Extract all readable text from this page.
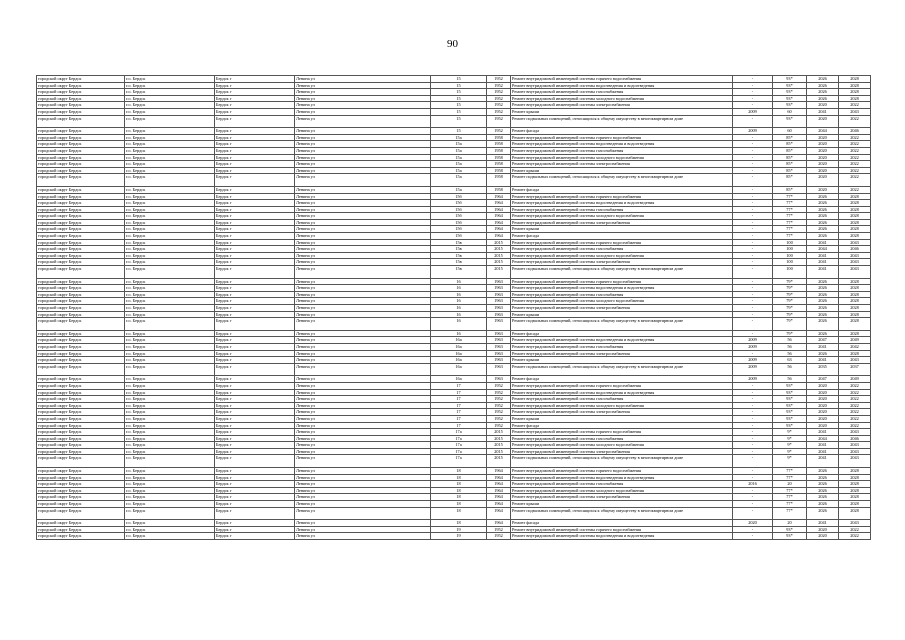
90
городской округ Бердск	г.о. Бердск	Бердск г	Ленина ул	15	1952	Ремонт внутридомовой инженерной системы горячего водоснабжения	-	93*	2026	2028
городской округ Бердск	г.о. Бердск	Бердск г	Ленина ул	15	1952	Ремонт внутридомовой инженерной системы водоотведения и водоотведения	-	93*	2026	2028
городской округ Бердск	г.о. Бердск	Бердск г	Ленина ул	15	1952	Ремонт внутридомовой инженерной системы газоснабжения	-	93*	2026	2028
городской округ Бердск	г.о. Бердск	Бердск г	Ленина ул	15	1952	Ремонт внутридомовой инженерной системы холодного водоснабжения	-	93*	2026	2028
городской округ Бердск	г.о. Бердск	Бердск г	Ленина ул	15	1952	Ремонт внутридомовой инженерной системы электроснабжения	-	93*	2020	2022
городской округ Бердск	г.о. Бердск	Бердск г	Ленина ул	15	1952	Ремонт крыши	2009	60	2041	2043
городской округ Бердск	г.о. Бердск	Бердск г	Ленина ул	15	1952	Ремонт подвальных помещений, относящихся к общему имуществу в многоквартирном доме	-	93*	2020	2022
городской округ Бердск	г.о. Бердск	Бердск г	Ленина ул	15	1952	Ремонт фасада	2009	60	2044	2046
городской округ Бердск	г.о. Бердск	Бердск г	Ленина ул	15а	1958	Ремонт внутридомовой инженерной системы горячего водоснабжения	-	85*	2020	2022
городской округ Бердск	г.о. Бердск	Бердск г	Ленина ул	15а	1958	Ремонт внутридомовой инженерной системы водоотведения и водоотведения	-	85*	2020	2022
городской округ Бердск	г.о. Бердск	Бердск г	Ленина ул	15а	1958	Ремонт внутридомовой инженерной системы газоснабжения	-	85*	2020	2022
городской округ Бердск	г.о. Бердск	Бердск г	Ленина ул	15а	1958	Ремонт внутридомовой инженерной системы холодного водоснабжения	-	85*	2020	2022
городской округ Бердск	г.о. Бердск	Бердск г	Ленина ул	15а	1958	Ремонт внутридомовой инженерной системы электроснабжения	-	85*	2020	2022
городской округ Бердск	г.о. Бердск	Бердск г	Ленина ул	15а	1958	Ремонт крыши	-	85*	2020	2022
городской округ Бердск	г.о. Бердск	Бердск г	Ленина ул	15а	1958	Ремонт подвальных помещений, относящихся к общему имуществу в многоквартирном доме	-	85*	2020	2022
городской округ Бердск	г.о. Бердск	Бердск г	Ленина ул	15а	1958	Ремонт фасада	-	85*	2020	2022
городской округ Бердск	г.о. Бердск	Бердск г	Ленина ул	15б	1964	Ремонт внутридомовой инженерной системы горячего водоснабжения	-	77*	2026	2028
городской округ Бердск	г.о. Бердск	Бердск г	Ленина ул	15б	1964	Ремонт внутридомовой инженерной системы водоотведения и водоотведения	-	77*	2026	2028
городской округ Бердск	г.о. Бердск	Бердск г	Ленина ул	15б	1964	Ремонт внутридомовой инженерной системы газоснабжения	-	77*	2026	2028
городской округ Бердск	г.о. Бердск	Бердск г	Ленина ул	15б	1964	Ремонт внутридомовой инженерной системы холодного водоснабжения	-	77*	2026	2028
городской округ Бердск	г.о. Бердск	Бердск г	Ленина ул	15б	1964	Ремонт внутридомовой инженерной системы электроснабжения	-	77*	2026	2028
городской округ Бердск	г.о. Бердск	Бердск г	Ленина ул	15б	1964	Ремонт крыши	-	77*	2026	2028
городской округ Бердск	г.о. Бердск	Бердск г	Ленина ул	15б	1964	Ремонт фасада	-	77*	2026	2028
городской округ Бердск	г.о. Бердск	Бердск г	Ленина ул	15в	2015	Ремонт внутридомовой инженерной системы горячего водоснабжения	-	100	2041	2043
городской округ Бердск	г.о. Бердск	Бердск г	Ленина ул	15в	2015	Ремонт внутридомовой инженерной системы газоснабжения	-	100	2044	2046
городской округ Бердск	г.о. Бердск	Бердск г	Ленина ул	15в	2015	Ремонт внутридомовой инженерной системы холодного водоснабжения	-	100	2041	2043
городской округ Бердск	г.о. Бердск	Бердск г	Ленина ул	15в	2015	Ремонт внутридомовой инженерной системы электроснабжения	-	100	2041	2043
городской округ Бердск	г.о. Бердск	Бердск г	Ленина ул	15в	2015	Ремонт подвальных помещений, относящихся к общему имуществу в многоквартирном доме	-	100	2041	2043
городской округ Бердск	г.о. Бердск	Бердск г	Ленина ул	16	1963	Ремонт внутридомовой инженерной системы горячего водоснабжения	-	79*	2026	2028
городской округ Бердск	г.о. Бердск	Бердск г	Ленина ул	16	1963	Ремонт внутридомовой инженерной системы водоотведения и водоотведения	-	79*	2026	2028
городской округ Бердск	г.о. Бердск	Бердск г	Ленина ул	16	1963	Ремонт внутридомовой инженерной системы газоснабжения	-	79*	2026	2028
городской округ Бердск	г.о. Бердск	Бердск г	Ленина ул	16	1963	Ремонт внутридомовой инженерной системы холодного водоснабжения	-	79*	2026	2028
городской округ Бердск	г.о. Бердск	Бердск г	Ленина ул	16	1963	Ремонт внутридомовой инженерной системы электроснабжения	-	79*	2026	2028
городской округ Бердск	г.о. Бердск	Бердск г	Ленина ул	16	1963	Ремонт крыши	-	79*	2026	2028
городской округ Бердск	г.о. Бердск	Бердск г	Ленина ул	16	1963	Ремонт подвальных помещений, относящихся к общему имуществу в многоквартирном доме	-	79*	2026	2028
городской округ Бердск	г.о. Бердск	Бердск г	Ленина ул	16	1963	Ремонт фасада	-	79*	2026	2028
городской округ Бердск	г.о. Бердск	Бердск г	Ленина ул	16а	1963	Ремонт внутридомовой инженерной системы водоотведения и водоотведения	2009	56	2047	2049
городской округ Бердск	г.о. Бердск	Бердск г	Ленина ул	16а	1963	Ремонт внутридомовой инженерной системы газоснабжения	2009	56	2041	2042
городской округ Бердск	г.о. Бердск	Бердск г	Ленина ул	16а	1963	Ремонт внутридомовой инженерной системы электроснабжения	-	56	2026	2028
городской округ Бердск	г.о. Бердск	Бердск г	Ленина ул	16а	1963	Ремонт крыши	2009	63	2041	2043
городской округ Бердск	г.о. Бердск	Бердск г	Ленина ул	16а	1963	Ремонт подвальных помещений, относящихся к общему имуществу в многоквартирном доме	2009	56	2035	2037
городской округ Бердск	г.о. Бердск	Бердск г	Ленина ул	16а	1963	Ремонт фасада	2009	56	2047	2049
городской округ Бердск	г.о. Бердск	Бердск г	Ленина ул	17	1952	Ремонт внутридомовой инженерной системы горячего водоснабжения	-	93*	2020	2022
городской округ Бердск	г.о. Бердск	Бердск г	Ленина ул	17	1952	Ремонт внутридомовой инженерной системы водоотведения и водоотведения	-	93*	2020	2022
городской округ Бердск	г.о. Бердск	Бердск г	Ленина ул	17	1952	Ремонт внутридомовой инженерной системы газоснабжения	-	93*	2020	2022
городской округ Бердск	г.о. Бердск	Бердск г	Ленина ул	17	1952	Ремонт внутридомовой инженерной системы холодного водоснабжения	-	93*	2020	2022
городской округ Бердск	г.о. Бердск	Бердск г	Ленина ул	17	1952	Ремонт внутридомовой инженерной системы электроснабжения	-	93*	2020	2022
городской округ Бердск	г.о. Бердск	Бердск г	Ленина ул	17	1952	Ремонт крыши	-	93*	2020	2022
городской округ Бердск	г.о. Бердск	Бердск г	Ленина ул	17	1952	Ремонт фасада	-	93*	2020	2022
городской округ Бердск	г.о. Бердск	Бердск г	Ленина ул	17а	2015	Ремонт внутридомовой инженерной системы горячего водоснабжения	-	9*	2041	2043
городской округ Бердск	г.о. Бердск	Бердск г	Ленина ул	17а	2015	Ремонт внутридомовой инженерной системы газоснабжения	-	9*	2044	2046
городской округ Бердск	г.о. Бердск	Бердск г	Ленина ул	17а	2015	Ремонт внутридомовой инженерной системы холодного водоснабжения	-	9*	2041	2043
городской округ Бердск	г.о. Бердск	Бердск г	Ленина ул	17а	2015	Ремонт внутридомовой инженерной системы электроснабжения	-	9*	2041	2043
городской округ Бердск	г.о. Бердск	Бердск г	Ленина ул	17а	2015	Ремонт подвальных помещений, относящихся к общему имуществу в многоквартирном доме	-	9*	2041	2043
городской округ Бердск	г.о. Бердск	Бердск г	Ленина ул	18	1964	Ремонт внутридомовой инженерной системы горячего водоснабжения	-	77*	2026	2028
городской округ Бердск	г.о. Бердск	Бердск г	Ленина ул	18	1964	Ремонт внутридомовой инженерной системы водоотведения и водоотведения	-	77*	2026	2028
городской округ Бердск	г.о. Бердск	Бердск г	Ленина ул	18	1964	Ремонт внутридомовой инженерной системы газоснабжения	2016	20	2026	2028
городской округ Бердск	г.о. Бердск	Бердск г	Ленина ул	18	1964	Ремонт внутридомовой инженерной системы холодного водоснабжения	-	77*	2026	2028
городской округ Бердск	г.о. Бердск	Бердск г	Ленина ул	18	1964	Ремонт внутридомовой инженерной системы электроснабжения	-	77*	2026	2028
городской округ Бердск	г.о. Бердск	Бердск г	Ленина ул	18	1964	Ремонт крыши	-	77*	2026	2028
городской округ Бердск	г.о. Бердск	Бердск г	Ленина ул	18	1964	Ремонт подвальных помещений, относящихся к общему имуществу в многоквартирном доме	-	77*	2026	2028
городской округ Бердск	г.о. Бердск	Бердск г	Ленина ул	18	1964	Ремонт фасада	2020	20	2041	2043
городской округ Бердск	г.о. Бердск	Бердск г	Ленина ул	19	1952	Ремонт внутридомовой инженерной системы горячего водоснабжения	-	93*	2020	2022
городской округ Бердск	г.о. Бердск	Бердск г	Ленина ул	19	1952	Ремонт внутридомовой инженерной системы водоотведения и водоотведения	-	93*	2020	2022
